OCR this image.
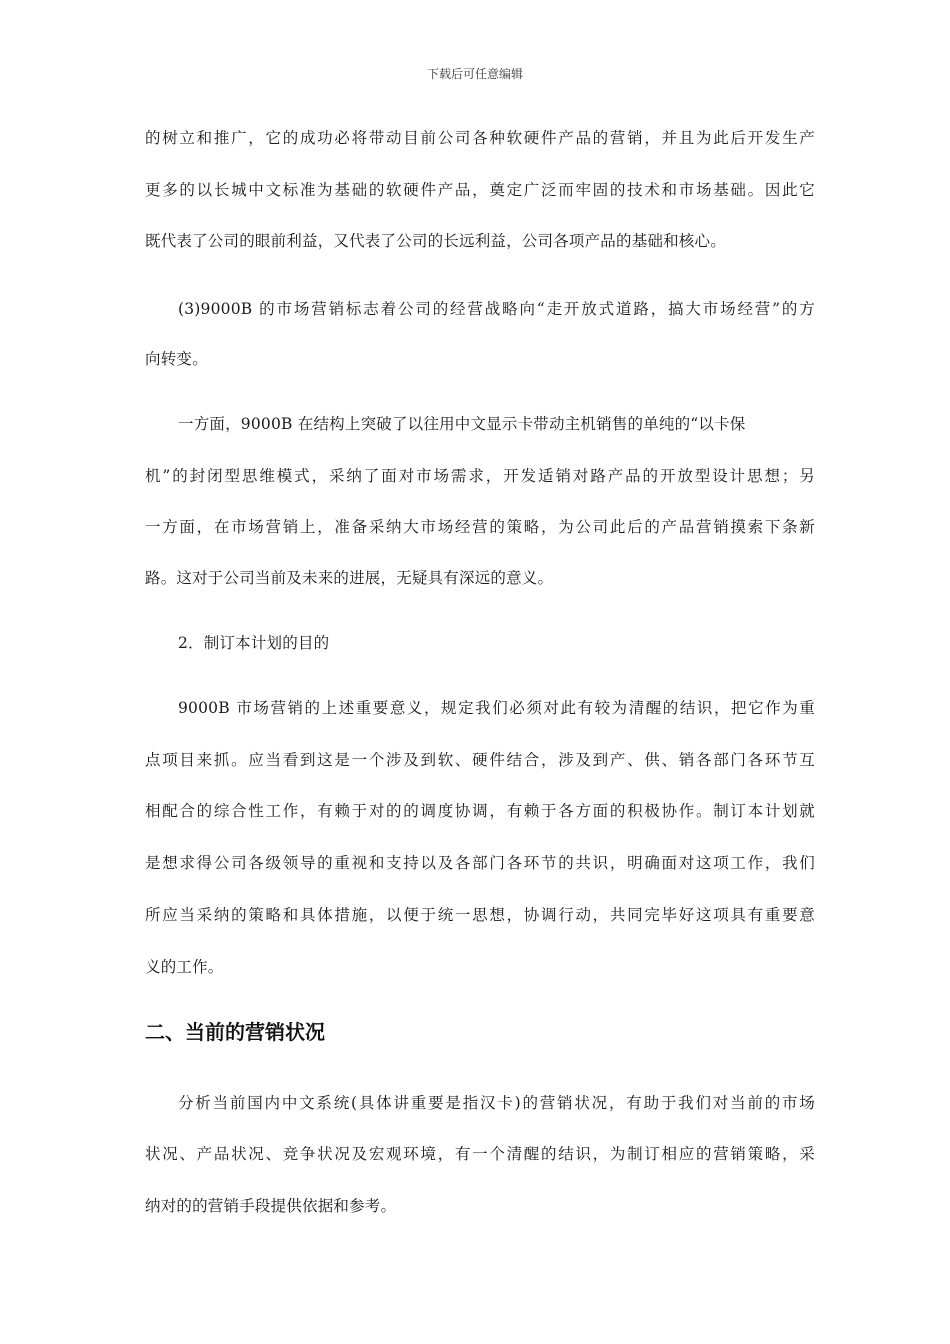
下载后可任意编辑
的树立和推广，它的成功必将带动目前公司各种软硬件产品的营销，并且为此后开发生产
更多的以长城中文标准为基础的软硬件产品，奠定广泛而牢固的技术和市场基础。因此它
既代表了公司的眼前利益，又代表了公司的长远利益，公司各项产品的基础和核心。
(3)9000B 的市场营销标志着公司的经营战略向“走开放式道路，搞大市场经营”的方
向转变。
一方面，9000B 在结构上突破了以往用中文显示卡带动主机销售的单纯的“以卡保
机”的封闭型思维模式，采纳了面对市场需求，开发适销对路产品的开放型设计思想；另
一方面，在市场营销上，准备采纳大市场经营的策略，为公司此后的产品营销摸索下条新
路。这对于公司当前及未来的进展，无疑具有深远的意义。
2．制订本计划的目的
9000B 市场营销的上述重要意义，规定我们必须对此有较为清醒的结识，把它作为重
点项目来抓。应当看到这是一个涉及到软、硬件结合，涉及到产、供、销各部门各环节互
相配合的综合性工作，有赖于对的的调度协调，有赖于各方面的积极协作。制订本计划就
是想求得公司各级领导的重视和支持以及各部门各环节的共识，明确面对这项工作，我们
所应当采纳的策略和具体措施，以便于统一思想，协调行动，共同完毕好这项具有重要意
义的工作。
二、当前的营销状况
分析当前国内中文系统(具体讲重要是指汉卡)的营销状况，有助于我们对当前的市场
状况、产品状况、竞争状况及宏观环境，有一个清醒的结识，为制订相应的营销策略，采
纳对的的营销手段提供依据和参考。
